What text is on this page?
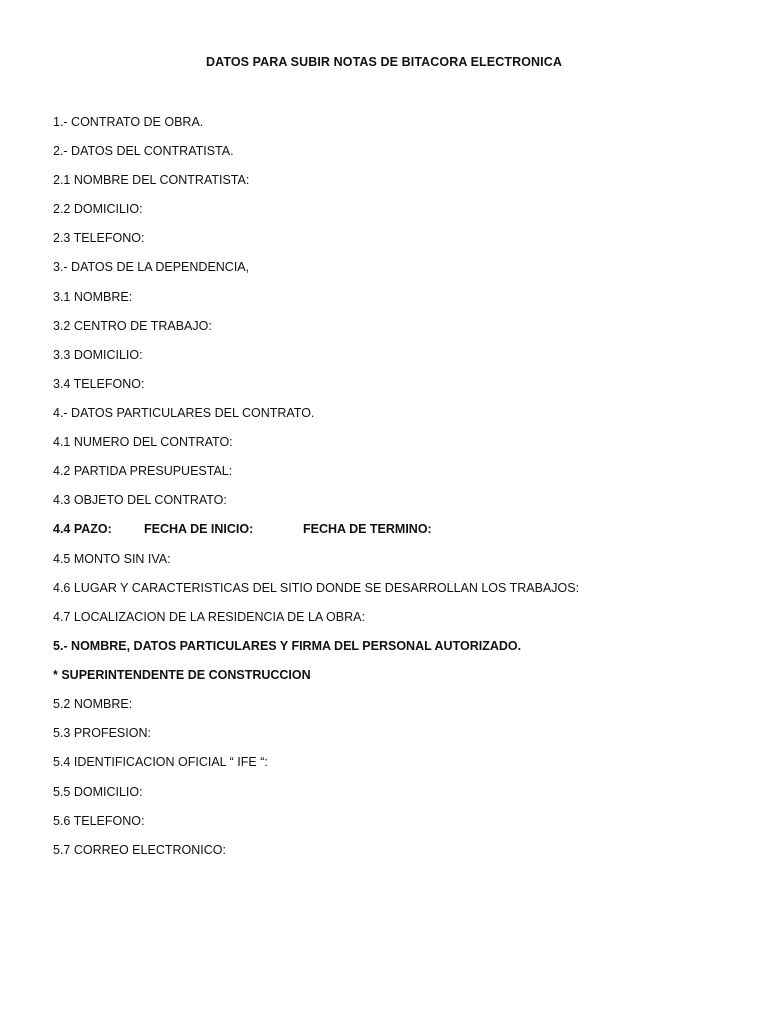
DATOS PARA SUBIR NOTAS DE BITACORA ELECTRONICA
1.- CONTRATO DE OBRA.
2.- DATOS DEL CONTRATISTA.
2.1 NOMBRE DEL CONTRATISTA:
2.2 DOMICILIO:
2.3 TELEFONO:
3.- DATOS DE LA DEPENDENCIA,
3.1 NOMBRE:
3.2 CENTRO DE TRABAJO:
3.3 DOMICILIO:
3.4 TELEFONO:
4.- DATOS PARTICULARES DEL CONTRATO.
4.1 NUMERO DEL CONTRATO:
4.2 PARTIDA PRESUPUESTAL:
4.3 OBJETO DEL CONTRATO:
4.4 PAZO:	FECHA DE INICIO:	FECHA DE TERMINO:
4.5 MONTO SIN IVA:
4.6 LUGAR Y CARACTERISTICAS DEL SITIO DONDE SE DESARROLLAN LOS TRABAJOS:
4.7 LOCALIZACION DE LA RESIDENCIA DE LA OBRA:
5.- NOMBRE, DATOS PARTICULARES Y FIRMA DEL PERSONAL AUTORIZADO.
* SUPERINTENDENTE DE CONSTRUCCION
5.2 NOMBRE:
5.3 PROFESION:
5.4 IDENTIFICACION OFICIAL “ IFE “:
5.5 DOMICILIO:
5.6 TELEFONO:
5.7 CORREO ELECTRONICO:
